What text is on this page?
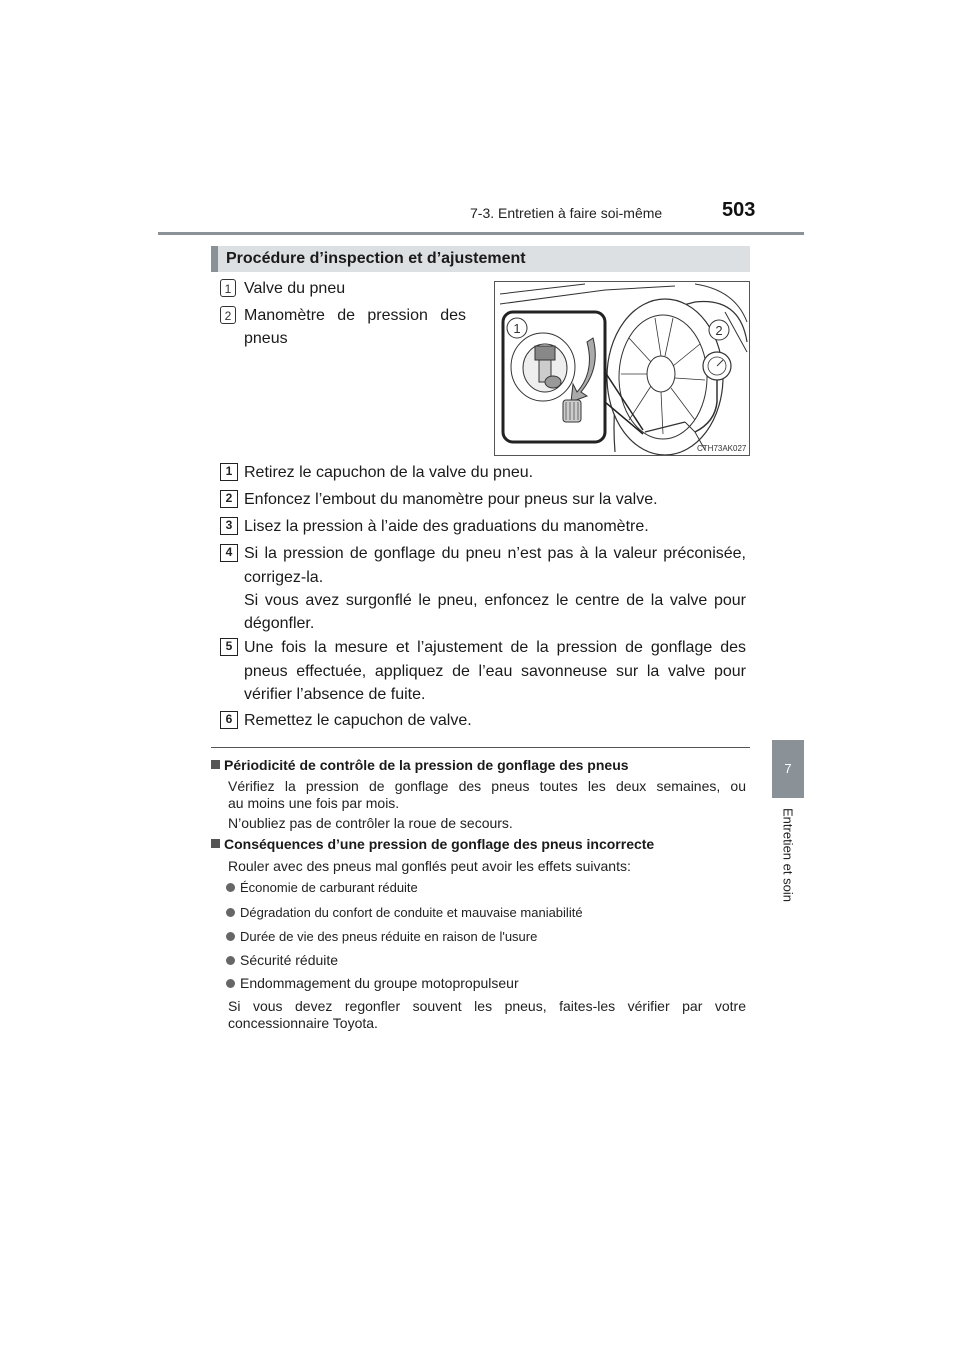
7-3. Entretien à faire soi-même	503
7
Entretien et soin
Procédure d’inspection et d’ajustement
1 Valve du pneu
2 Manomètre de pression des
pneus	2
1
CTH73AK027
1 Retirez le capuchon de la valve du pneu.
2 Enfoncez l’embout du manomètre pour pneus sur la valve.
3 Lisez la pression à l’aide des graduations du manomètre.
4 Si la pression de gonflage du pneu n’est pas à la valeur préconisée,
corrigez-la.
Si vous avez surgonflé le pneu, enfoncez le centre de la valve pour
dégonfler.
5 Une fois la mesure et l’ajustement de la pression de gonflage des
pneus effectuée, appliquez de l’eau savonneuse sur la valve pour
vérifier l’absence de fuite.
6 Remettez le capuchon de valve.
Périodicité de contrôle de la pression de gonflage des pneus
Vérifiez la pression de gonflage des pneus toutes les deux semaines, ou
au moins une fois par mois.
N’oubliez pas de contrôler la roue de secours.
Conséquences d’une pression de gonflage des pneus incorrecte
Rouler avec des pneus mal gonflés peut avoir les effets suivants:
Économie de carburant réduite
Dégradation du confort de conduite et mauvaise maniabilité
Durée de vie des pneus réduite en raison de l'usure
Sécurité réduite
Endommagement du groupe motopropulseur
Si vous devez regonfler souvent les pneus, faites-les vérifier par votre
concessionnaire Toyota.
